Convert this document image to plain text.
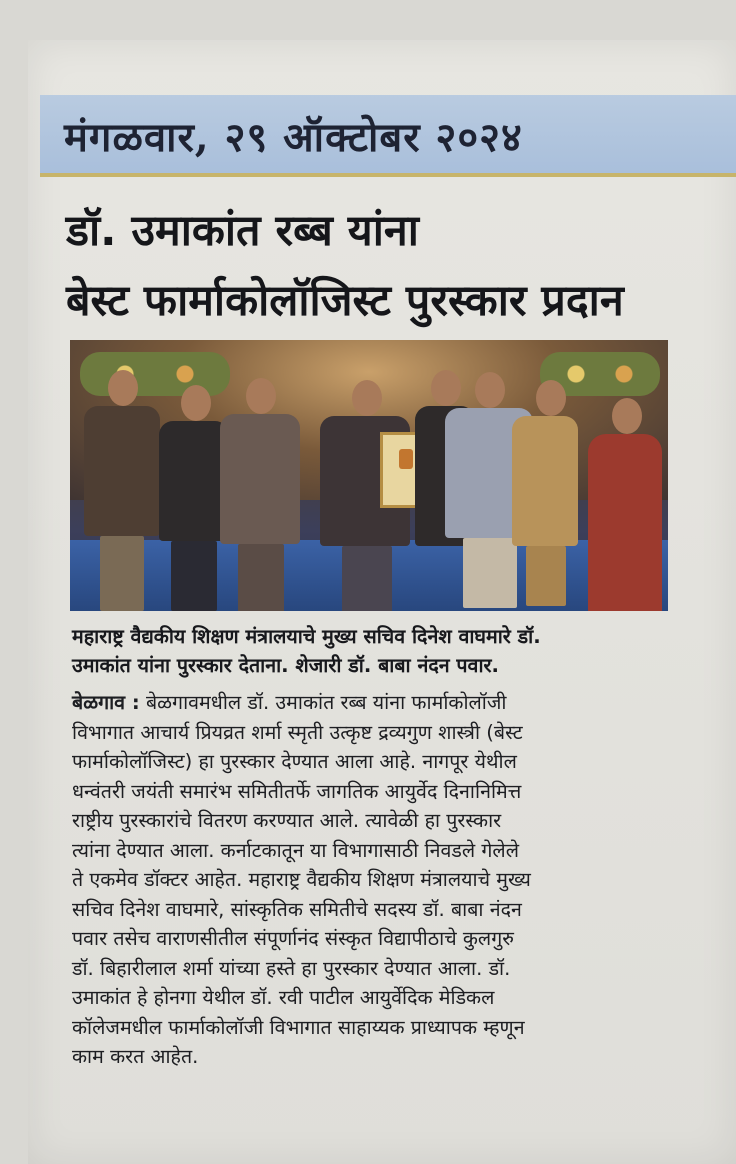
मंगळवार, २९ ऑक्टोबर २०२४
डॉ. उमाकांत रब्ब यांना
बेस्ट फार्माकोलॉजिस्ट पुरस्कार प्रदान
महाराष्ट्र वैद्यकीय शिक्षण मंत्रालयाचे मुख्य सचिव दिनेश वाघमारे डॉ.
उमाकांत यांना पुरस्कार देताना. शेजारी डॉ. बाबा नंदन पवार.
बेळगाव : बेळगावमधील डॉ. उमाकांत रब्ब यांना फार्माकोलॉजी
विभागात आचार्य प्रियव्रत शर्मा स्मृती उत्कृष्ट द्रव्यगुण शास्त्री (बेस्ट
फार्माकोलॉजिस्ट) हा पुरस्कार देण्यात आला आहे. नागपूर येथील
धन्वंतरी जयंती समारंभ समितीतर्फे जागतिक आयुर्वेद दिनानिमित्त
राष्ट्रीय पुरस्कारांचे वितरण करण्यात आले. त्यावेळी हा पुरस्कार
त्यांना देण्यात आला. कर्नाटकातून या विभागासाठी निवडले गेलेले
ते एकमेव डॉक्टर आहेत. महाराष्ट्र वैद्यकीय शिक्षण मंत्रालयाचे मुख्य
सचिव दिनेश वाघमारे, सांस्कृतिक समितीचे सदस्य डॉ. बाबा नंदन
पवार तसेच वाराणसीतील संपूर्णानंद संस्कृत विद्यापीठाचे कुलगुरु
डॉ. बिहारीलाल शर्मा यांच्या हस्ते हा पुरस्कार देण्यात आला. डॉ.
उमाकांत हे होनगा येथील डॉ. रवी पाटील आयुर्वेदिक मेडिकल
कॉलेजमधील फार्माकोलॉजी विभागात साहाय्यक प्राध्यापक म्हणून
काम करत आहेत.
